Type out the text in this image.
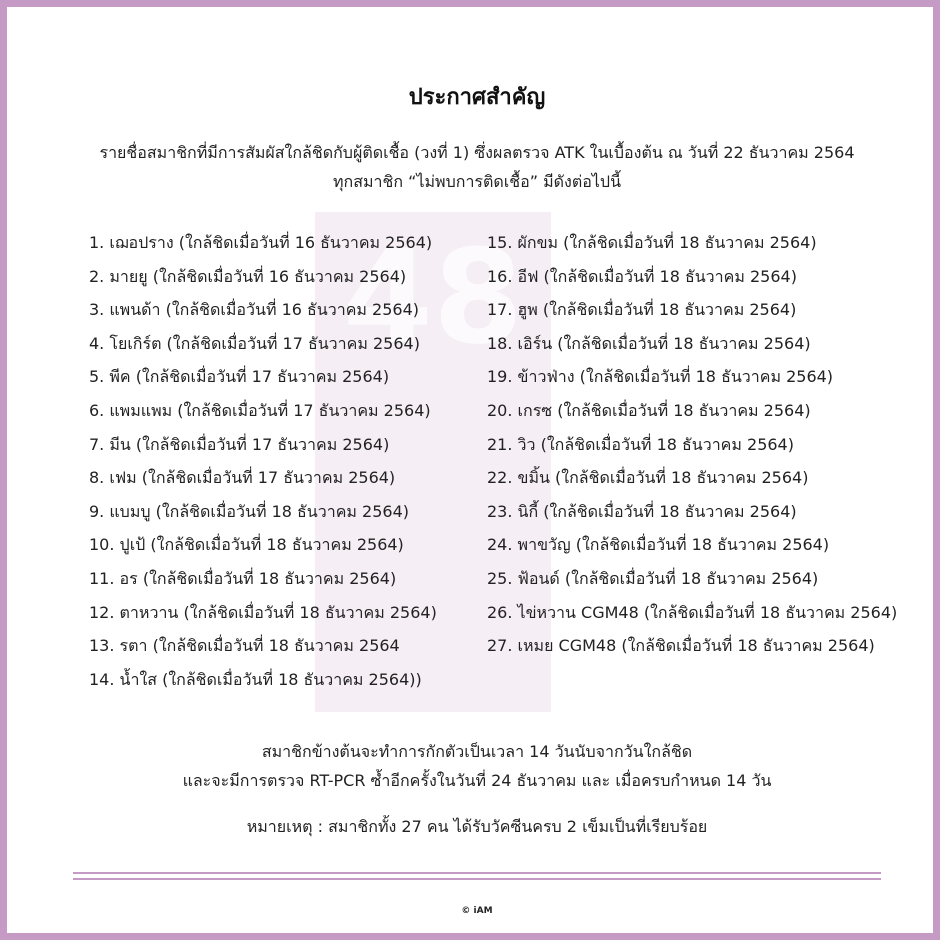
48
ประกาศสำคัญ
รายชื่อสมาชิกที่มีการสัมผัสใกล้ชิดกับผู้ติดเชื้อ (วงที่ 1) ซึ่งผลตรวจ ATK ในเบื้องต้น ณ วันที่ 22 ธันวาคม 2564
ทุกสมาชิก “ไม่พบการติดเชื้อ” มีดังต่อไปนี้
1. เฌอปราง (ใกล้ชิดเมื่อวันที่ 16 ธันวาคม 2564)
2. มายยู (ใกล้ชิดเมื่อวันที่ 16 ธันวาคม 2564)
3. แพนด้า (ใกล้ชิดเมื่อวันที่ 16 ธันวาคม 2564)
4. โยเกิร์ต (ใกล้ชิดเมื่อวันที่ 17 ธันวาคม 2564)
5. พีค (ใกล้ชิดเมื่อวันที่ 17 ธันวาคม 2564)
6. แพมแพม (ใกล้ชิดเมื่อวันที่ 17 ธันวาคม 2564)
7. มีน (ใกล้ชิดเมื่อวันที่ 17 ธันวาคม 2564)
8. เฟม (ใกล้ชิดเมื่อวันที่ 17 ธันวาคม 2564)
9. แบมบู (ใกล้ชิดเมื่อวันที่ 18 ธันวาคม 2564)
10. ปูเป้ (ใกล้ชิดเมื่อวันที่ 18 ธันวาคม 2564)
11. อร (ใกล้ชิดเมื่อวันที่ 18 ธันวาคม 2564)
12. ตาหวาน (ใกล้ชิดเมื่อวันที่ 18 ธันวาคม 2564)
13. รตา (ใกล้ชิดเมื่อวันที่ 18 ธันวาคม 2564
14. น้ำใส (ใกล้ชิดเมื่อวันที่ 18 ธันวาคม 2564))
15. ผักขม (ใกล้ชิดเมื่อวันที่ 18 ธันวาคม 2564)
16. อีฟ (ใกล้ชิดเมื่อวันที่ 18 ธันวาคม 2564)
17. ฮูพ (ใกล้ชิดเมื่อวันที่ 18 ธันวาคม 2564)
18. เอิร์น (ใกล้ชิดเมื่อวันที่ 18 ธันวาคม 2564)
19. ข้าวฟ่าง (ใกล้ชิดเมื่อวันที่ 18 ธันวาคม 2564)
20. เกรซ (ใกล้ชิดเมื่อวันที่ 18 ธันวาคม 2564)
21. วิว (ใกล้ชิดเมื่อวันที่ 18 ธันวาคม 2564)
22. ขมิ้น (ใกล้ชิดเมื่อวันที่ 18 ธันวาคม 2564)
23. นิกี้ (ใกล้ชิดเมื่อวันที่ 18 ธันวาคม 2564)
24. พาขวัญ (ใกล้ชิดเมื่อวันที่ 18 ธันวาคม 2564)
25. ฟ้อนด์ (ใกล้ชิดเมื่อวันที่ 18 ธันวาคม 2564)
26. ไข่หวาน CGM48 (ใกล้ชิดเมื่อวันที่ 18 ธันวาคม 2564)
27. เหมย CGM48 (ใกล้ชิดเมื่อวันที่ 18 ธันวาคม 2564)
สมาชิกข้างต้นจะทำการกักตัวเป็นเวลา 14 วันนับจากวันใกล้ชิด
และจะมีการตรวจ RT-PCR ซ้ำอีกครั้งในวันที่ 24 ธันวาคม และ เมื่อครบกำหนด 14 วัน
หมายเหตุ : สมาชิกทั้ง 27 คน ได้รับวัคซีนครบ 2 เข็มเป็นที่เรียบร้อย
© iAM
